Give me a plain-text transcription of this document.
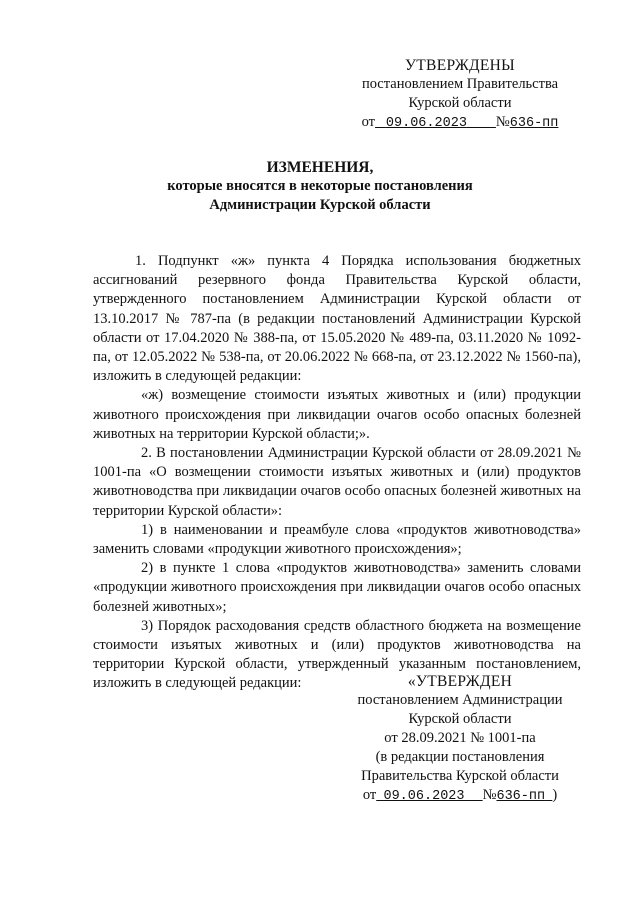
УТВЕРЖДЕНЫ
постановлением Правительства
Курской области
от 09.06.2023 №636-пп
ИЗМЕНЕНИЯ,
которые вносятся в некоторые постановления
Администрации Курской области

1. Подпункт «ж» пункта 4 Порядка использования бюджетных ассигнований резервного фонда Правительства Курской области, утвержденного постановлением Администрации Курской области от 13.10.2017 № 787-па (в редакции постановлений Администрации Курской области от 17.04.2020 № 388-па, от 15.05.2020 № 489-па, 03.11.2020 № 1092-па, от 12.05.2022 № 538-па, от 20.06.2022 № 668-па, от 23.12.2022 № 1560-па), изложить в следующей редакции:

«ж) возмещение стоимости изъятых животных и (или) продукции животного происхождения при ликвидации очагов особо опасных болезней животных на территории Курской области;».

2. В постановлении Администрации Курской области от 28.09.2021 № 1001-па «О возмещении стоимости изъятых животных и (или) продуктов животноводства при ликвидации очагов особо опасных болезней животных на территории Курской области»:

1) в наименовании и преамбуле слова «продуктов животноводства» заменить словами «продукции животного происхождения»;

2) в пункте 1 слова «продуктов животноводства» заменить словами «продукции животного происхождения при ликвидации очагов особо опасных болезней животных»;

3) Порядок расходования средств областного бюджета на возмещение стоимости изъятых животных и (или) продуктов животноводства на территории Курской области, утвержденный указанным постановлением, изложить в следующей редакции:	«УТВЕРЖДЕН
постановлением Администрации
Курской области
от 28.09.2021 № 1001-па
(в редакции постановления
Правительства Курской области
от 09.06.2023 №636-пп )
